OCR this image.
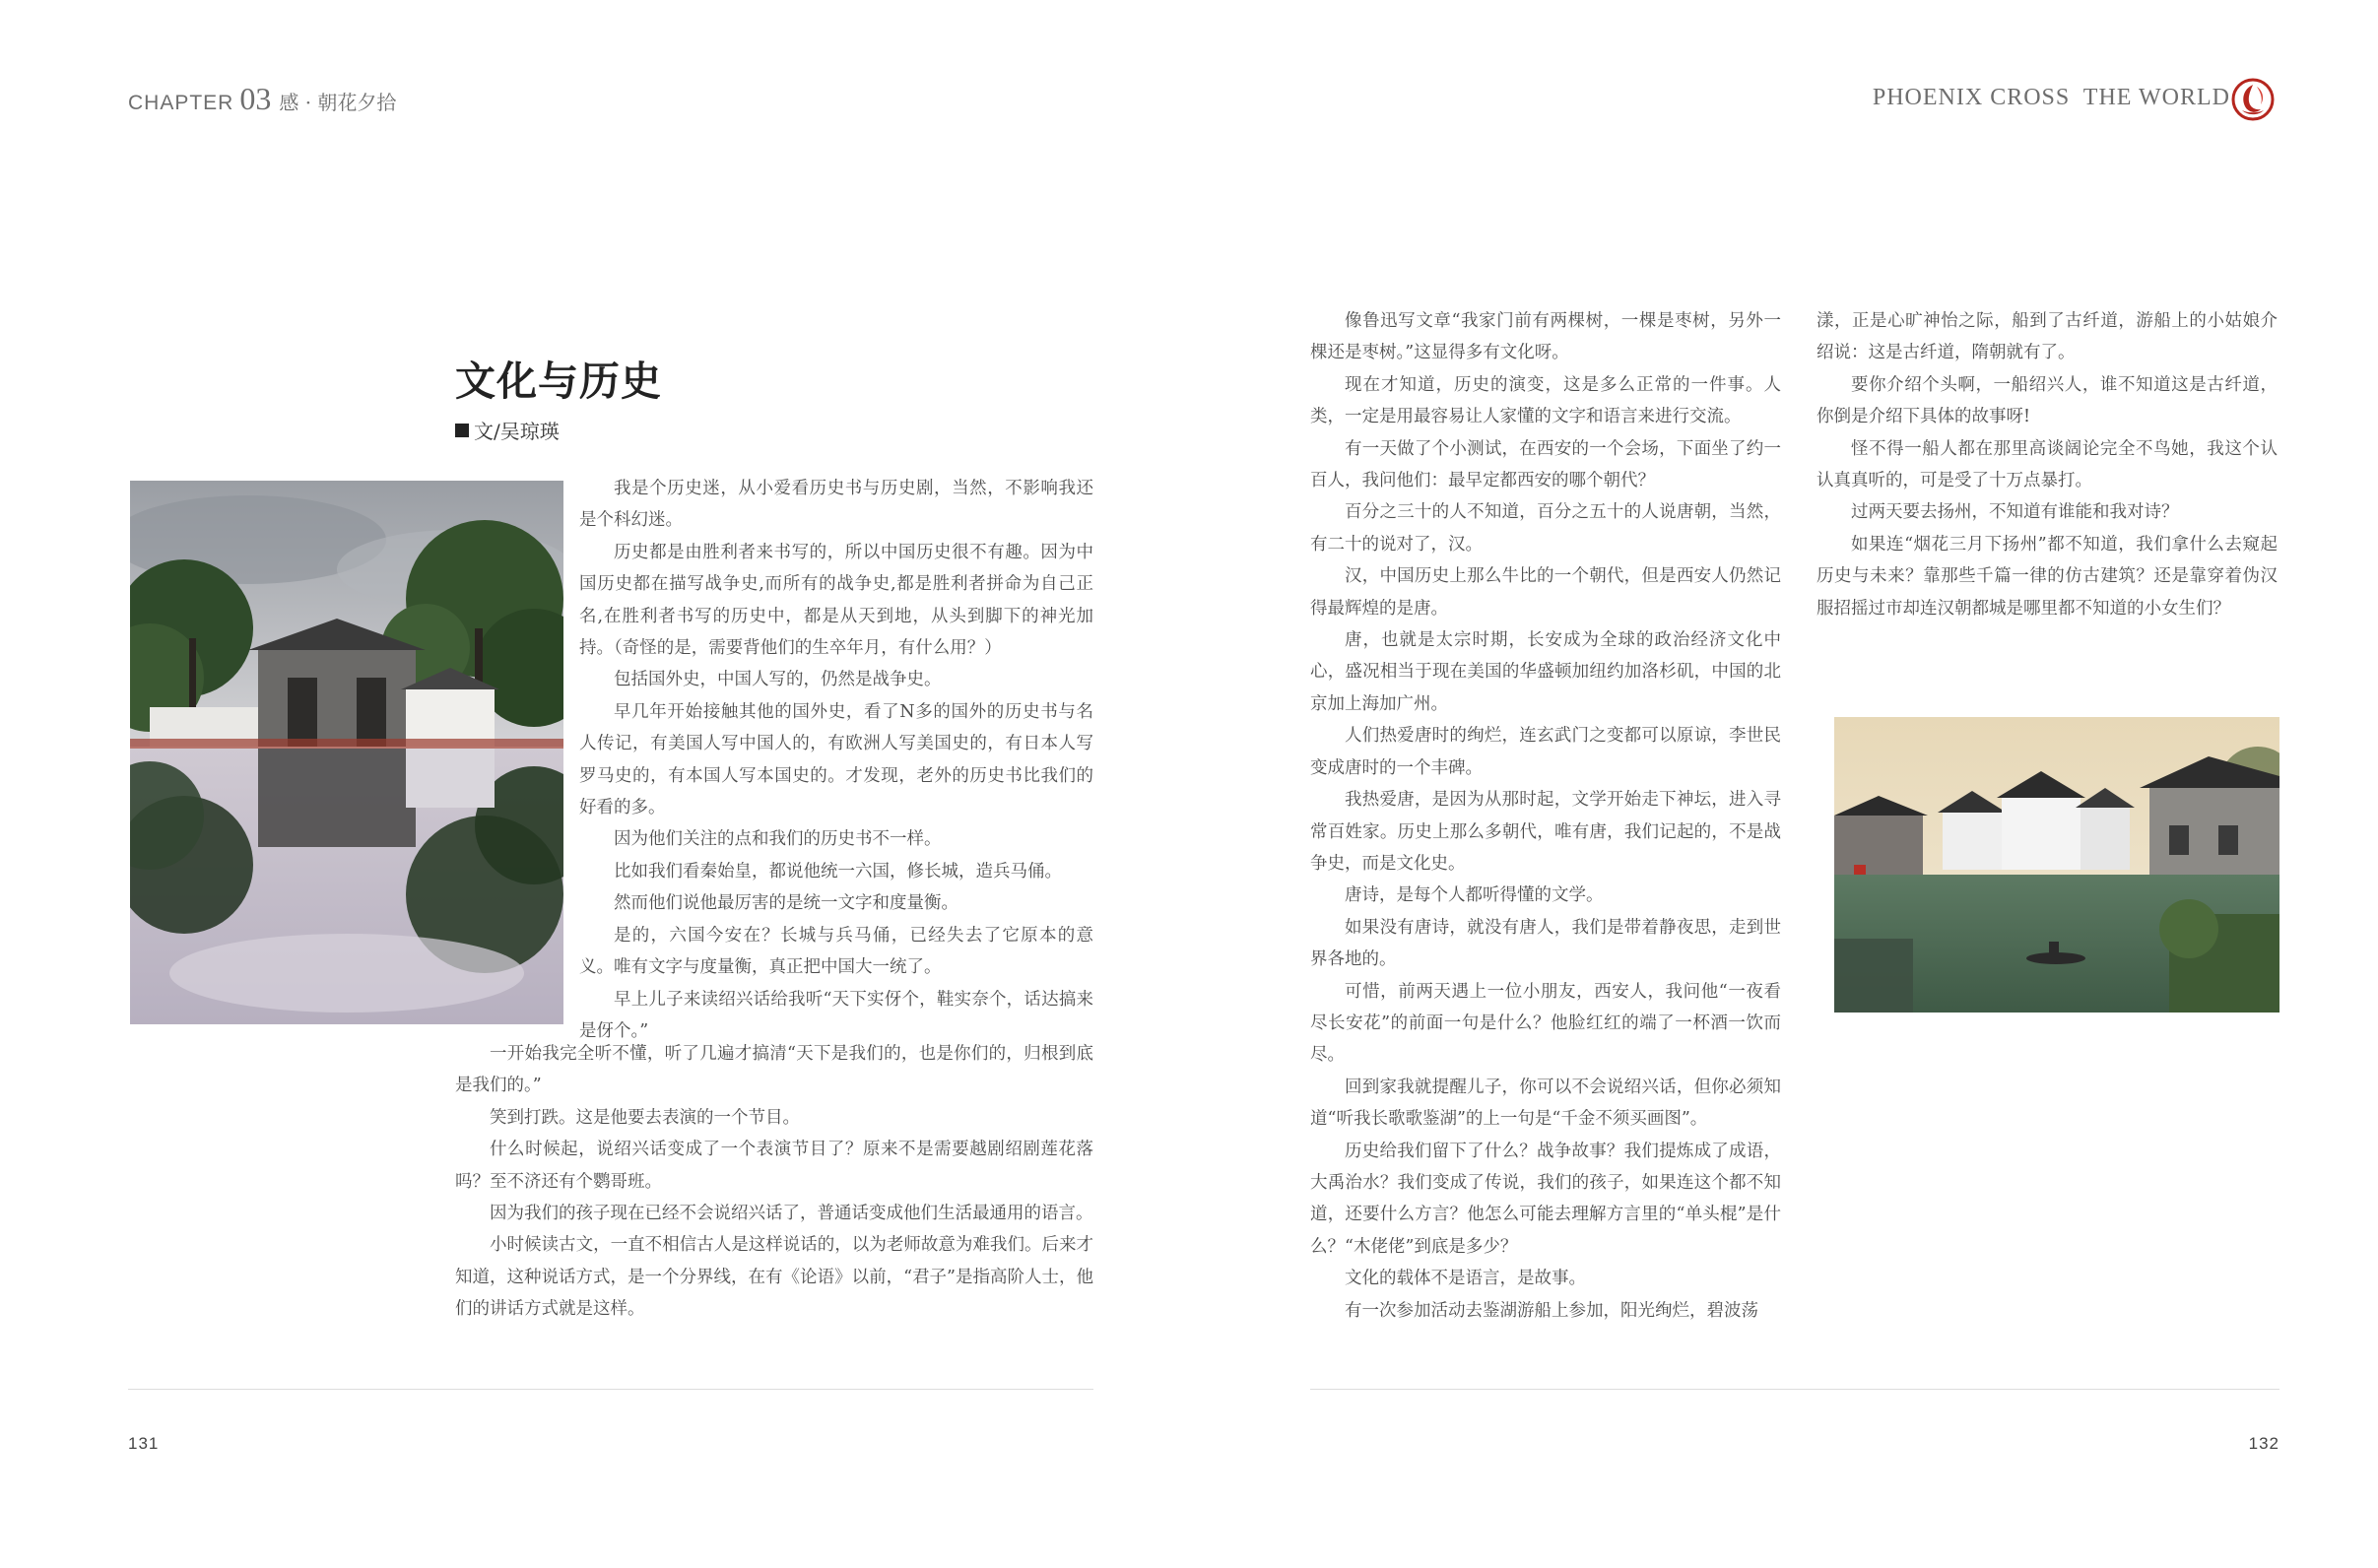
CHAPTER 03 感 · 朝花夕拾	PHOENIX CROSS  THE WORLD
文化与历史
文/吴琼瑛

我是个历史迷，从小爱看历史书与历史剧，当然，不影响我还是个科幻迷。

历史都是由胜利者来书写的，所以中国历史很不有趣。因为中国历史都在描写战争史,而所有的战争史,都是胜利者拼命为自己正名,在胜利者书写的历史中，都是从天到地，从头到脚下的神光加持。（奇怪的是，需要背他们的生卒年月，有什么用？）

包括国外史，中国人写的，仍然是战争史。

早几年开始接触其他的国外史，看了N多的国外的历史书与名人传记，有美国人写中国人的，有欧洲人写美国史的，有日本人写罗马史的，有本国人写本国史的。才发现，老外的历史书比我们的好看的多。

因为他们关注的点和我们的历史书不一样。

比如我们看秦始皇，都说他统一六国，修长城，造兵马俑。

然而他们说他最厉害的是统一文字和度量衡。

是的，六国今安在？长城与兵马俑，已经失去了它原本的意义。唯有文字与度量衡，真正把中国大一统了。

早上儿子来读绍兴话给我听“天下实伢个，鞋实奈个，话达搞来是伢个。”

一开始我完全听不懂，听了几遍才搞清“天下是我们的，也是你们的，归根到底是我们的。”

笑到打跌。这是他要去表演的一个节目。

什么时候起，说绍兴话变成了一个表演节目了？原来不是需要越剧绍剧莲花落吗？至不济还有个鹦哥班。

因为我们的孩子现在已经不会说绍兴话了，普通话变成他们生活最通用的语言。

小时候读古文，一直不相信古人是这样说话的，以为老师故意为难我们。后来才知道，这种说话方式，是一个分界线，在有《论语》以前，“君子”是指高阶人士，他们的讲话方式就是这样。

像鲁迅写文章“我家门前有两棵树，一棵是枣树，另外一棵还是枣树。”这显得多有文化呀。

现在才知道，历史的演变，这是多么正常的一件事。人类，一定是用最容易让人家懂的文字和语言来进行交流。

有一天做了个小测试，在西安的一个会场，下面坐了约一百人，我问他们：最早定都西安的哪个朝代？

百分之三十的人不知道，百分之五十的人说唐朝，当然，有二十的说对了，汉。

汉，中国历史上那么牛比的一个朝代，但是西安人仍然记得最辉煌的是唐。

唐，也就是太宗时期，长安成为全球的政治经济文化中心，盛况相当于现在美国的华盛顿加纽约加洛杉矶，中国的北京加上海加广州。

人们热爱唐时的绚烂，连玄武门之变都可以原谅，李世民变成唐时的一个丰碑。

我热爱唐，是因为从那时起，文学开始走下神坛，进入寻常百姓家。历史上那么多朝代，唯有唐，我们记起的，不是战争史，而是文化史。

唐诗，是每个人都听得懂的文学。

如果没有唐诗，就没有唐人，我们是带着静夜思，走到世界各地的。

可惜，前两天遇上一位小朋友，西安人，我问他“一夜看尽长安花”的前面一句是什么？他脸红红的端了一杯酒一饮而尽。

回到家我就提醒儿子，你可以不会说绍兴话，但你必须知道“听我长歌歌鉴湖”的上一句是“千金不须买画图”。

历史给我们留下了什么？战争故事？我们提炼成了成语，大禹治水？我们变成了传说，我们的孩子，如果连这个都不知道，还要什么方言？他怎么可能去理解方言里的“单头棍”是什么？“木佬佬”到底是多少？

文化的载体不是语言，是故事。

有一次参加活动去鉴湖游船上参加，阳光绚烂，碧波荡

漾，正是心旷神怡之际，船到了古纤道，游船上的小姑娘介绍说：这是古纤道，隋朝就有了。

要你介绍个头啊，一船绍兴人，谁不知道这是古纤道，你倒是介绍下具体的故事呀!

怪不得一船人都在那里高谈阔论完全不鸟她，我这个认认真真听的，可是受了十万点暴打。

过两天要去扬州，不知道有谁能和我对诗？

如果连“烟花三月下扬州”都不知道，我们拿什么去窥起历史与未来？靠那些千篇一律的仿古建筑？还是靠穿着伪汉服招摇过市却连汉朝都城是哪里都不知道的小女生们？

131	132
